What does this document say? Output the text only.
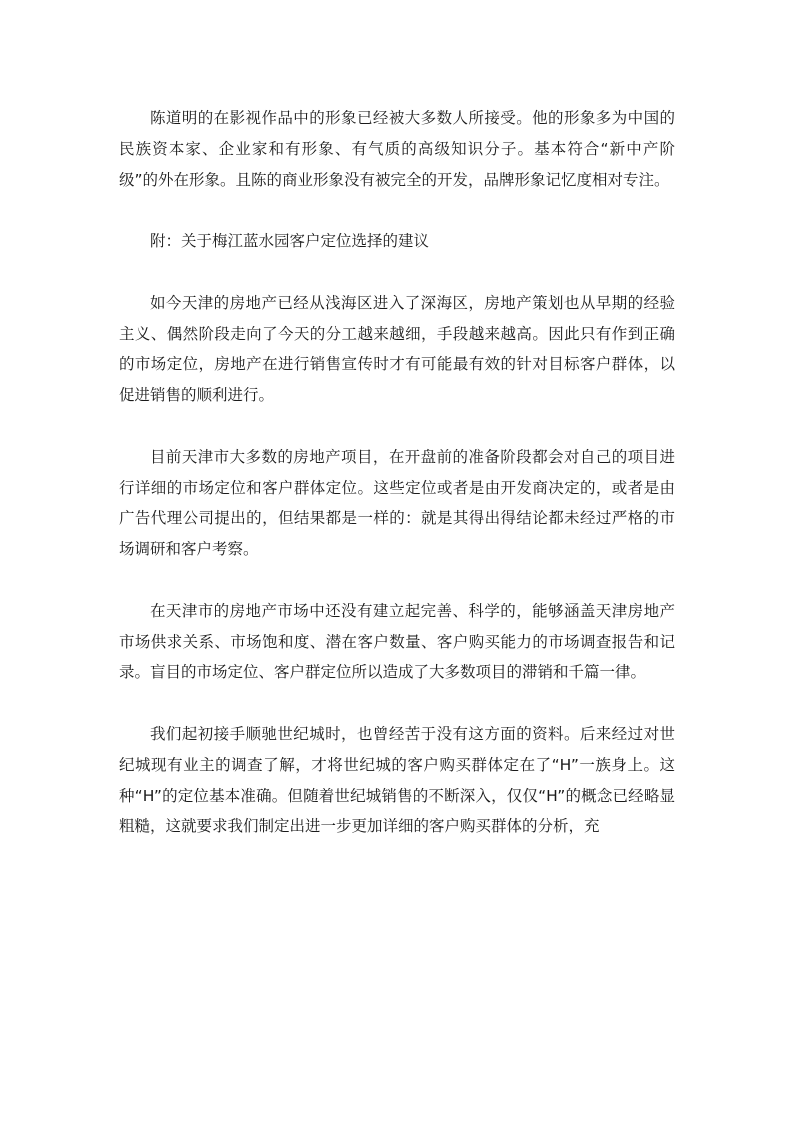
陈道明的在影视作品中的形象已经被大多数人所接受。他的形象多为中国的民族资本家、企业家和有形象、有气质的高级知识分子。基本符合“新中产阶级”的外在形象。且陈的商业形象没有被完全的开发，品牌形象记忆度相对专注。

附：关于梅江蓝水园客户定位选择的建议

如今天津的房地产已经从浅海区进入了深海区，房地产策划也从早期的经验主义、偶然阶段走向了今天的分工越来越细，手段越来越高。因此只有作到正确的市场定位，房地产在进行销售宣传时才有可能最有效的针对目标客户群体，以促进销售的顺利进行。

目前天津市大多数的房地产项目，在开盘前的准备阶段都会对自己的项目进行详细的市场定位和客户群体定位。这些定位或者是由开发商决定的，或者是由广告代理公司提出的，但结果都是一样的：就是其得出得结论都未经过严格的市场调研和客户考察。

在天津市的房地产市场中还没有建立起完善、科学的，能够涵盖天津房地产市场供求关系、市场饱和度、潜在客户数量、客户购买能力的市场调查报告和记录。盲目的市场定位、客户群定位所以造成了大多数项目的滞销和千篇一律。

我们起初接手顺驰世纪城时，也曾经苦于没有这方面的资料。后来经过对世纪城现有业主的调查了解，才将世纪城的客户购买群体定在了“H”一族身上。这种“H”的定位基本准确。但随着世纪城销售的不断深入，仅仅“H”的概念已经略显粗糙，这就要求我们制定出进一步更加详细的客户购买群体的分析，充
